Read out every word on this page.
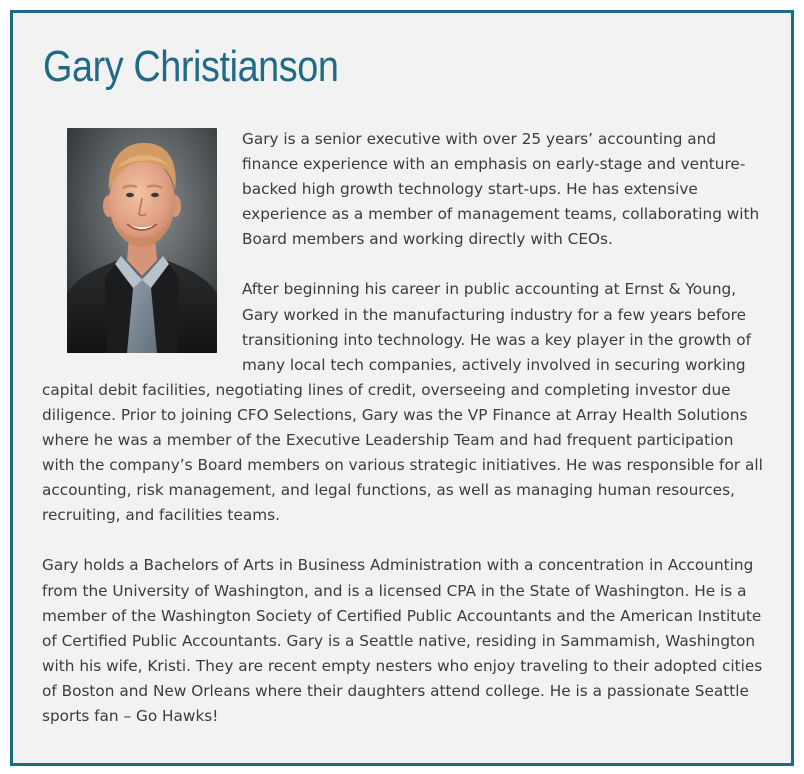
Gary Christianson

Gary is a senior executive with over 25 years’ accounting and finance experience with an emphasis on early-stage and venture-backed high growth technology start-ups. He has extensive experience as a member of management teams, collaborating with Board members and working directly with CEOs.

After beginning his career in public accounting at Ernst & Young, Gary worked in the manufacturing industry for a few years before transitioning into technology. He was a key player in the growth of many local tech companies, actively involved in securing working capital debit facilities, negotiating lines of credit, overseeing and completing investor due diligence. Prior to joining CFO Selections, Gary was the VP Finance at Array Health Solutions where he was a member of the Executive Leadership Team and had frequent participation with the company’s Board members on various strategic initiatives. He was responsible for all accounting, risk management, and legal functions, as well as managing human resources, recruiting, and facilities teams.

Gary holds a Bachelors of Arts in Business Administration with a concentration in Accounting from the University of Washington, and is a licensed CPA in the State of Washington. He is a member of the Washington Society of Certified Public Accountants and the American Institute of Certified Public Accountants. Gary is a Seattle native, residing in Sammamish, Washington with his wife, Kristi. They are recent empty nesters who enjoy traveling to their adopted cities of Boston and New Orleans where their daughters attend college. He is a passionate Seattle sports fan – Go Hawks!
